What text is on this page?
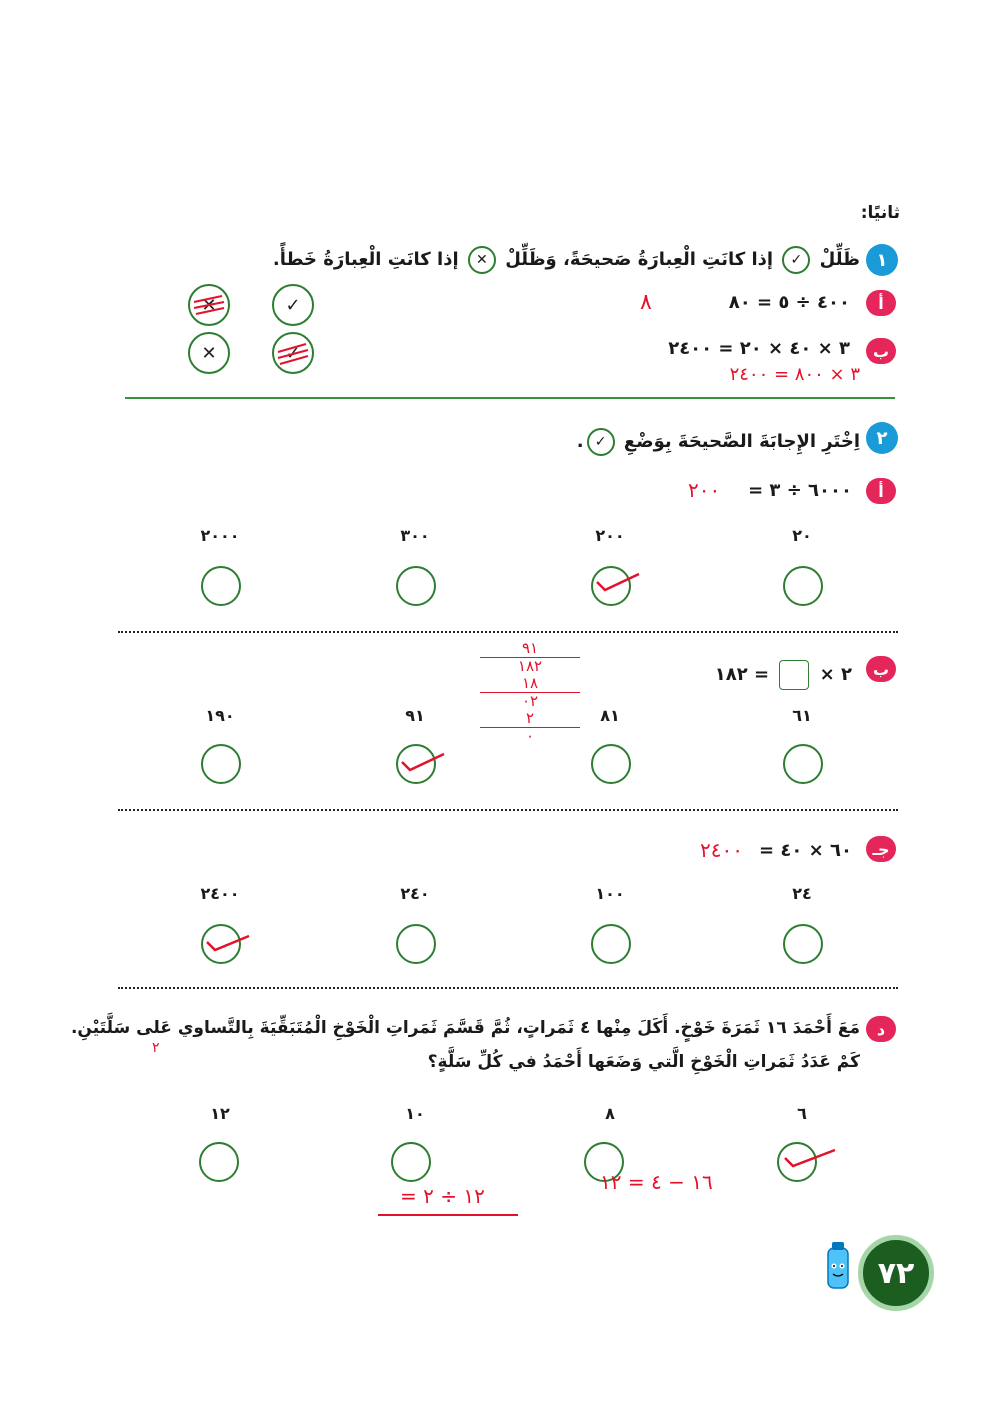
ثانيًا:
١
ظَلِّلْ ✓ إذا كانَتِ الْعِبارَةُ صَحيحَةً، وَظَلِّلْ ✕ إذا كانَتِ الْعِبارَةُ خَطأً.
أ
٤٠٠ ÷ ٥ = ٨٠
٨
✓
✕
ب
٣ × ٤٠ × ٢٠ = ٢٤٠٠
٣ × ٨٠٠ = ٢٤٠٠
✓
✕
٢
اِخْتَرِ الإِجابَةَ الصَّحيحَةَ بِوَضْعِ ✓.
أ
٦٠٠٠ ÷ ٣ =
٢٠٠
٢٠٠٠	٣٠٠	٢٠٠	٢٠
ب
٢ ×  = ١٨٢
٩١
١٨٢
١٨
٠٢
٢
٠
١٩٠	٩١	٨١	٦١
جـ
٦٠ × ٤٠ =
٢٤٠٠
٢٤٠٠	٢٤٠	١٠٠	٢٤
د
مَعَ أَحْمَدَ ١٦ ثَمَرَةَ خَوْخٍ. أَكَلَ مِنْها ٤ ثَمَراتٍ، ثُمَّ قَسَّمَ ثَمَراتِ الْخَوْخِ الْمُتَبَقِّيَةَ بِالتَّساوي عَلى سَلَّتَيْنِ.
كَمْ عَدَدُ ثَمَراتِ الْخَوْخِ الَّتي وَضَعَها أَحْمَدُ في كُلِّ سَلَّةٍ؟
٢
١٢	١٠	٨	٦
١٦ − ٤ = ١٢
١٢ ÷ ٢ =
٧٢
